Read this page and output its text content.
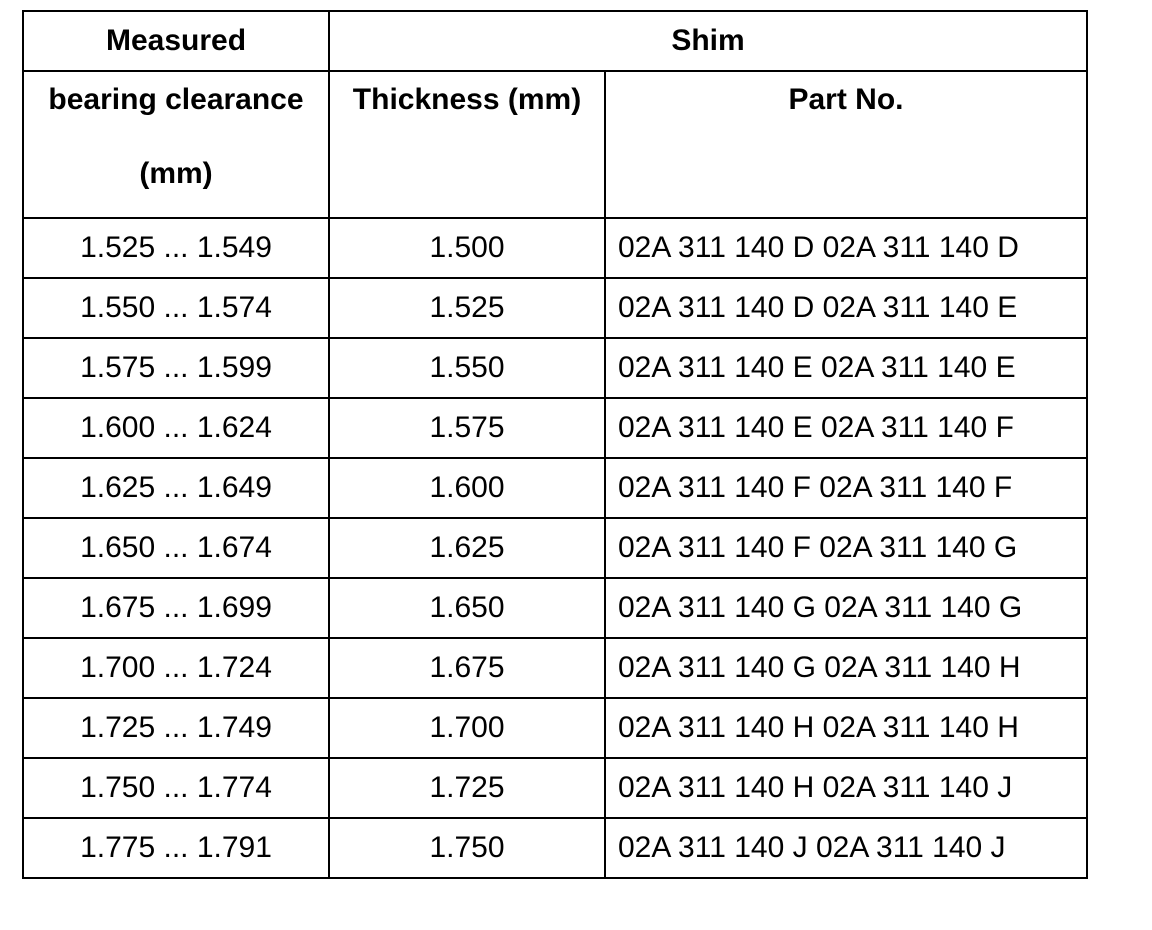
Measured	Shim	

bearing clearance
(mm)	Thickness (mm)	Part No.
1.525 ... 1.549	1.500	02A 311 140 D 02A 311 140 D
1.550 ... 1.574	1.525	02A 311 140 D 02A 311 140 E
1.575 ... 1.599	1.550	02A 311 140 E 02A 311 140 E
1.600 ... 1.624	1.575	02A 311 140 E 02A 311 140 F
1.625 ... 1.649	1.600	02A 311 140 F 02A 311 140 F
1.650 ... 1.674	1.625	02A 311 140 F 02A 311 140 G
1.675 ... 1.699	1.650	02A 311 140 G 02A 311 140 G
1.700 ... 1.724	1.675	02A 311 140 G 02A 311 140 H
1.725 ... 1.749	1.700	02A 311 140 H 02A 311 140 H
1.750 ... 1.774	1.725	02A 311 140 H 02A 311 140 J
1.775 ... 1.791	1.750	02A 311 140 J 02A 311 140 J
